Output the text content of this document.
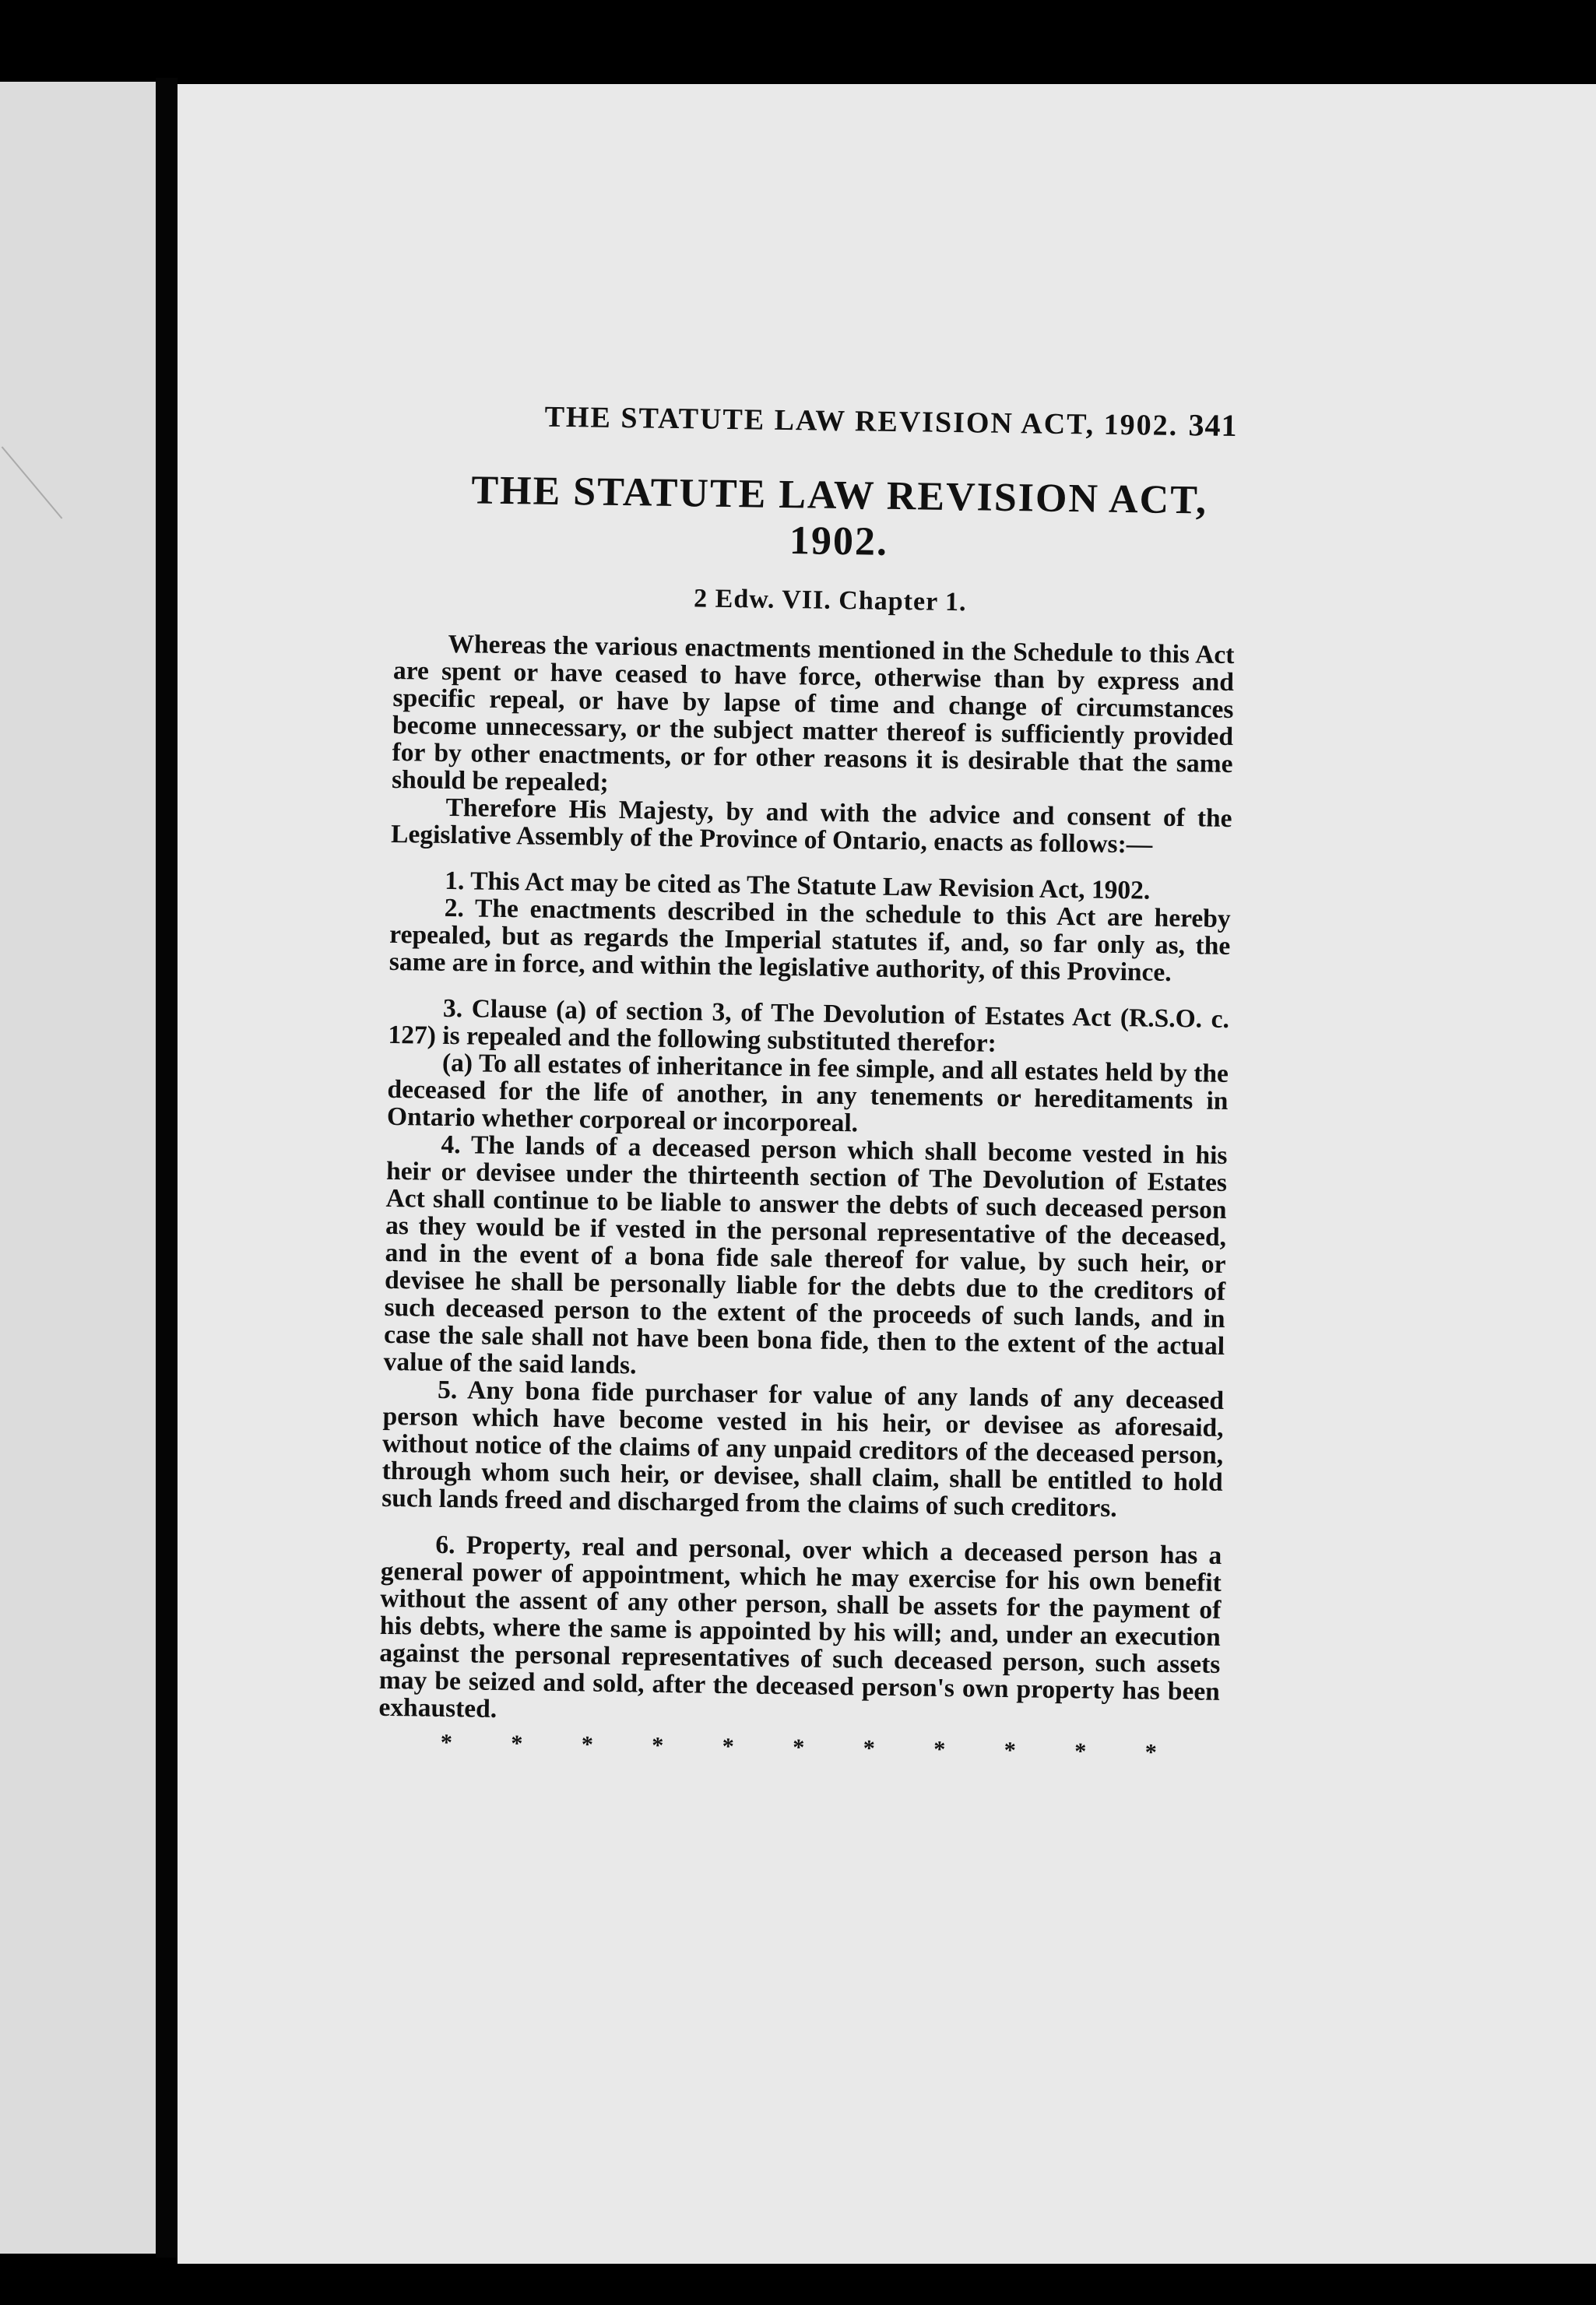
THE STATUTE LAW REVISION ACT, 1902. 341
THE STATUTE LAW REVISION ACT, 1902.
2 Edw. VII. Chapter 1.

Whereas the various enactments mentioned in the Schedule to this Act are spent or have ceased to have force, otherwise than by express and specific repeal, or have by lapse of time and change of circumstances become unnecessary, or the subject matter thereof is sufficiently provided for by other enactments, or for other reasons it is desirable that the same should be repealed;

Therefore His Majesty, by and with the advice and consent of the Legislative Assembly of the Province of Ontario, enacts as follows:—

1. This Act may be cited as The Statute Law Revision Act, 1902.

2. The enactments described in the schedule to this Act are hereby repealed, but as regards the Imperial statutes if, and, so far only as, the same are in force, and within the legislative authority, of this Province.

3. Clause (a) of section 3, of The Devolution of Estates Act (R.S.O. c. 127) is repealed and the following substituted therefor:

(a) To all estates of inheritance in fee simple, and all estates held by the deceased for the life of another, in any tenements or hereditaments in Ontario whether corporeal or incorporeal.

4. The lands of a deceased person which shall become vested in his heir or devisee under the thirteenth section of The Devolution of Estates Act shall continue to be liable to answer the debts of such deceased person as they would be if vested in the personal representative of the deceased, and in the event of a bona fide sale thereof for value, by such heir, or devisee he shall be personally liable for the debts due to the creditors of such deceased person to the extent of the proceeds of such lands, and in case the sale shall not have been bona fide, then to the extent of the actual value of the said lands.

5. Any bona fide purchaser for value of any lands of any deceased person which have become vested in his heir, or devisee as aforesaid, without notice of the claims of any unpaid creditors of the deceased person, through whom such heir, or devisee, shall claim, shall be entitled to hold such lands freed and discharged from the claims of such creditors.

6. Property, real and personal, over which a deceased person has a general power of appointment, which he may exercise for his own benefit without the assent of any other person, shall be assets for the payment of his debts, where the same is appointed by his will; and, under an execution against the personal representatives of such deceased person, such assets may be seized and sold, after the deceased person's own property has been exhausted.

*	*	*	*	*	*	*	*	*	*	*
